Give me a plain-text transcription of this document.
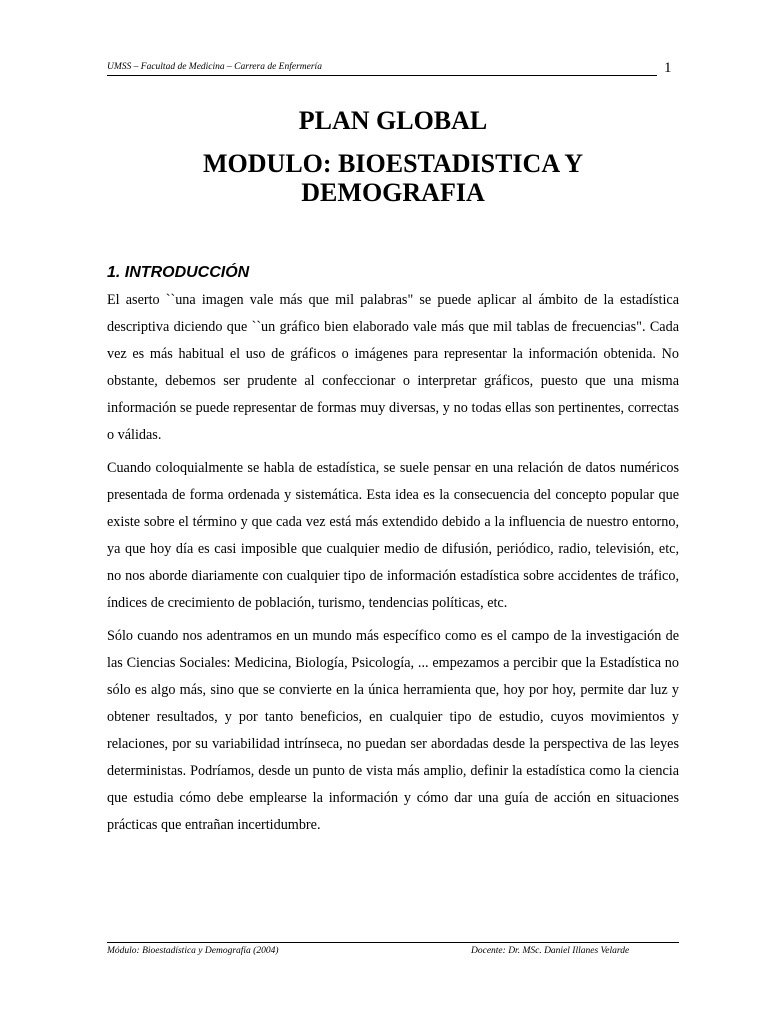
UMSS – Facultad de Medicina – Carrera de Enfermería	1
PLAN GLOBAL
MODULO: BIOESTADISTICA Y
DEMOGRAFIA
1. INTRODUCCIÓN

El aserto ``una imagen vale más que mil palabras" se puede aplicar al ámbito de la estadística descriptiva diciendo que ``un gráfico bien elaborado vale más que mil tablas de frecuencias". Cada vez es más habitual el uso de gráficos o imágenes para representar la información obtenida. No obstante, debemos ser prudente al confeccionar o interpretar gráficos, puesto que una misma información se puede representar de formas muy diversas, y no todas ellas son pertinentes, correctas o válidas.

Cuando coloquialmente se habla de estadística, se suele pensar en una relación de datos numéricos presentada de forma ordenada y sistemática. Esta idea es la consecuencia del concepto popular que existe sobre el término y que cada vez está más extendido debido a la influencia de nuestro entorno, ya que hoy día es casi imposible que cualquier medio de difusión, periódico, radio, televisión, etc, no nos aborde diariamente con cualquier tipo de información estadística sobre accidentes de tráfico, índices de crecimiento de población, turismo, tendencias políticas, etc.

Sólo cuando nos adentramos en un mundo más específico como es el campo de la investigación de las Ciencias Sociales: Medicina, Biología, Psicología, ... empezamos a percibir que la Estadística no sólo es algo más, sino que se convierte en la única herramienta que, hoy por hoy, permite dar luz y obtener resultados, y por tanto beneficios, en cualquier tipo de estudio, cuyos movimientos y relaciones, por su variabilidad intrínseca, no puedan ser abordadas desde la perspectiva de las leyes deterministas. Podríamos, desde un punto de vista más amplio, definir la estadística como la ciencia que estudia cómo debe emplearse la información y cómo dar una guía de acción en situaciones prácticas que entrañan incertidumbre.

Módulo: Bioestadística y Demografía (2004)	Docente: Dr. MSc. Daniel Illanes Velarde
